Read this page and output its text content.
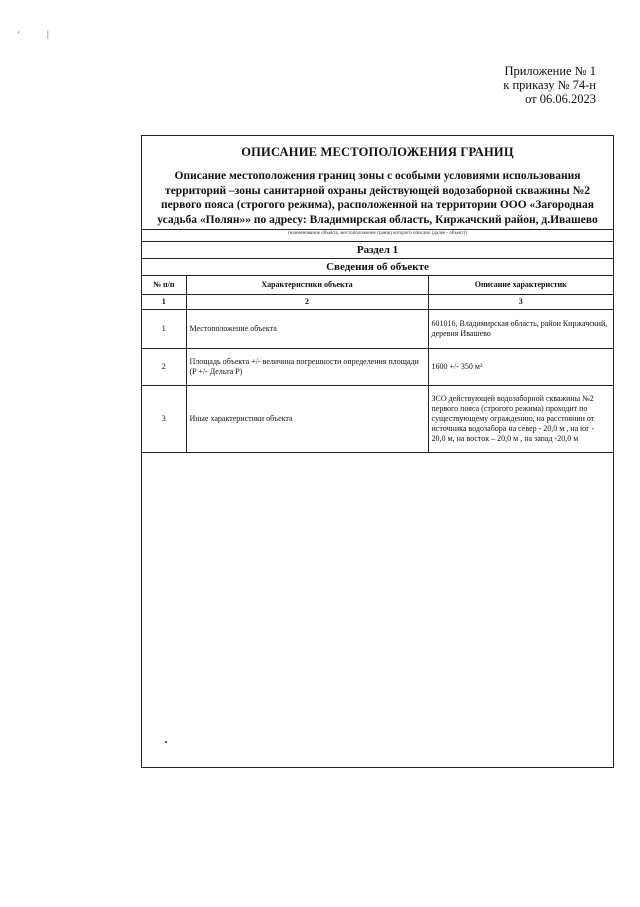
'	|
Приложение № 1
к приказу № 74-н
от 06.06.2023
ОПИСАНИЕ МЕСТОПОЛОЖЕНИЯ ГРАНИЦ
Описание местоположения границ зоны с особыми условиями использования территорий –зоны санитарной охраны действующей водозаборной скважины №2 первого пояса (строгого режима), расположенной на территории ООО «Загородная усадьба «Полян»» по адресу: Владимирская область, Киржачский район, д.Ивашево
(наименование объекта, местоположение границ которого описано (далее - объект))
Раздел 1
Сведения об объекте
№ п/п	Характеристики объекта	Описание характеристик
1	2	3
1	Местоположение объекта	601016, Владимирская область, район Киржачский, деревня Ивашево
2	Площадь объекта +/- величина погрешности определения площади (P +/- Дельта P)	1600 +/- 350 м²
3	Иные характеристики объекта	ЗСО действующей водозаборной скважины №2 первого пояса (строгого режима) проходит по существующему ограждению, на расстоянии от источника водозабора на север - 20,0 м , на юг - 20,0 м, на восток – 20,0 м , на запад -20,0 м
